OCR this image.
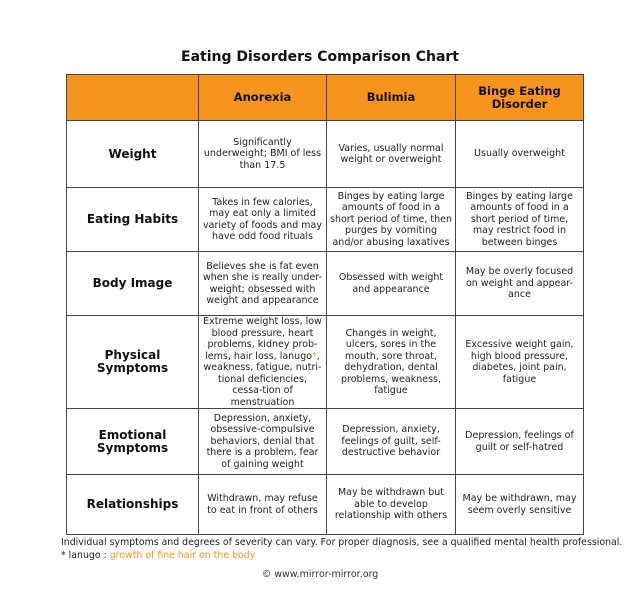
Eating Disorders Comparison Chart
	Anorexia	Bulimia	Binge Eating Disorder
Weight	Significantly underweight; BMI of less than 17.5	Varies, usually normal weight or overweight	Usually overweight
Eating Habits	Takes in few calories, may eat only a limited variety of foods and may have odd food rituals	Binges by eating large amounts of food in a short period of time, then purges by vomiting and/or abusing laxatives	Binges by eating large amounts of food in a short period of time, may restrict food in between binges
Body Image	Believes she is fat even when she is really under-weight; obsessed with weight and appearance	Obsessed with weight and appearance	May be overly focused on weight and appear-ance
Physical Symptoms	Extreme weight loss, low blood pressure, heart problems, kidney prob-lems, hair loss, lanugo*, weakness, fatigue, nutri-tional deficiencies, cessa-tion of menstruation	Changes in weight, ulcers, sores in the mouth, sore throat, dehydration, dental problems, weakness, fatigue	Excessive weight gain, high blood pressure, diabetes, joint pain, fatigue
Emotional Symptoms	Depression, anxiety, obsessive-compulsive behaviors, denial that there is a problem, fear of gaining weight	Depression, anxiety, feelings of guilt, self-destructive behavior	Depression, feelings of guilt or self-hatred
Relationships	Withdrawn, may refuse to eat in front of others	May be withdrawn but able to develop relationship with others	May be withdrawn, may seem overly sensitive
Individual symptoms and degrees of severity can vary. For proper diagnosis, see a qualified mental health professional.
* lanugo : growth of fine hair on the body
© www.mirror-mirror.org
